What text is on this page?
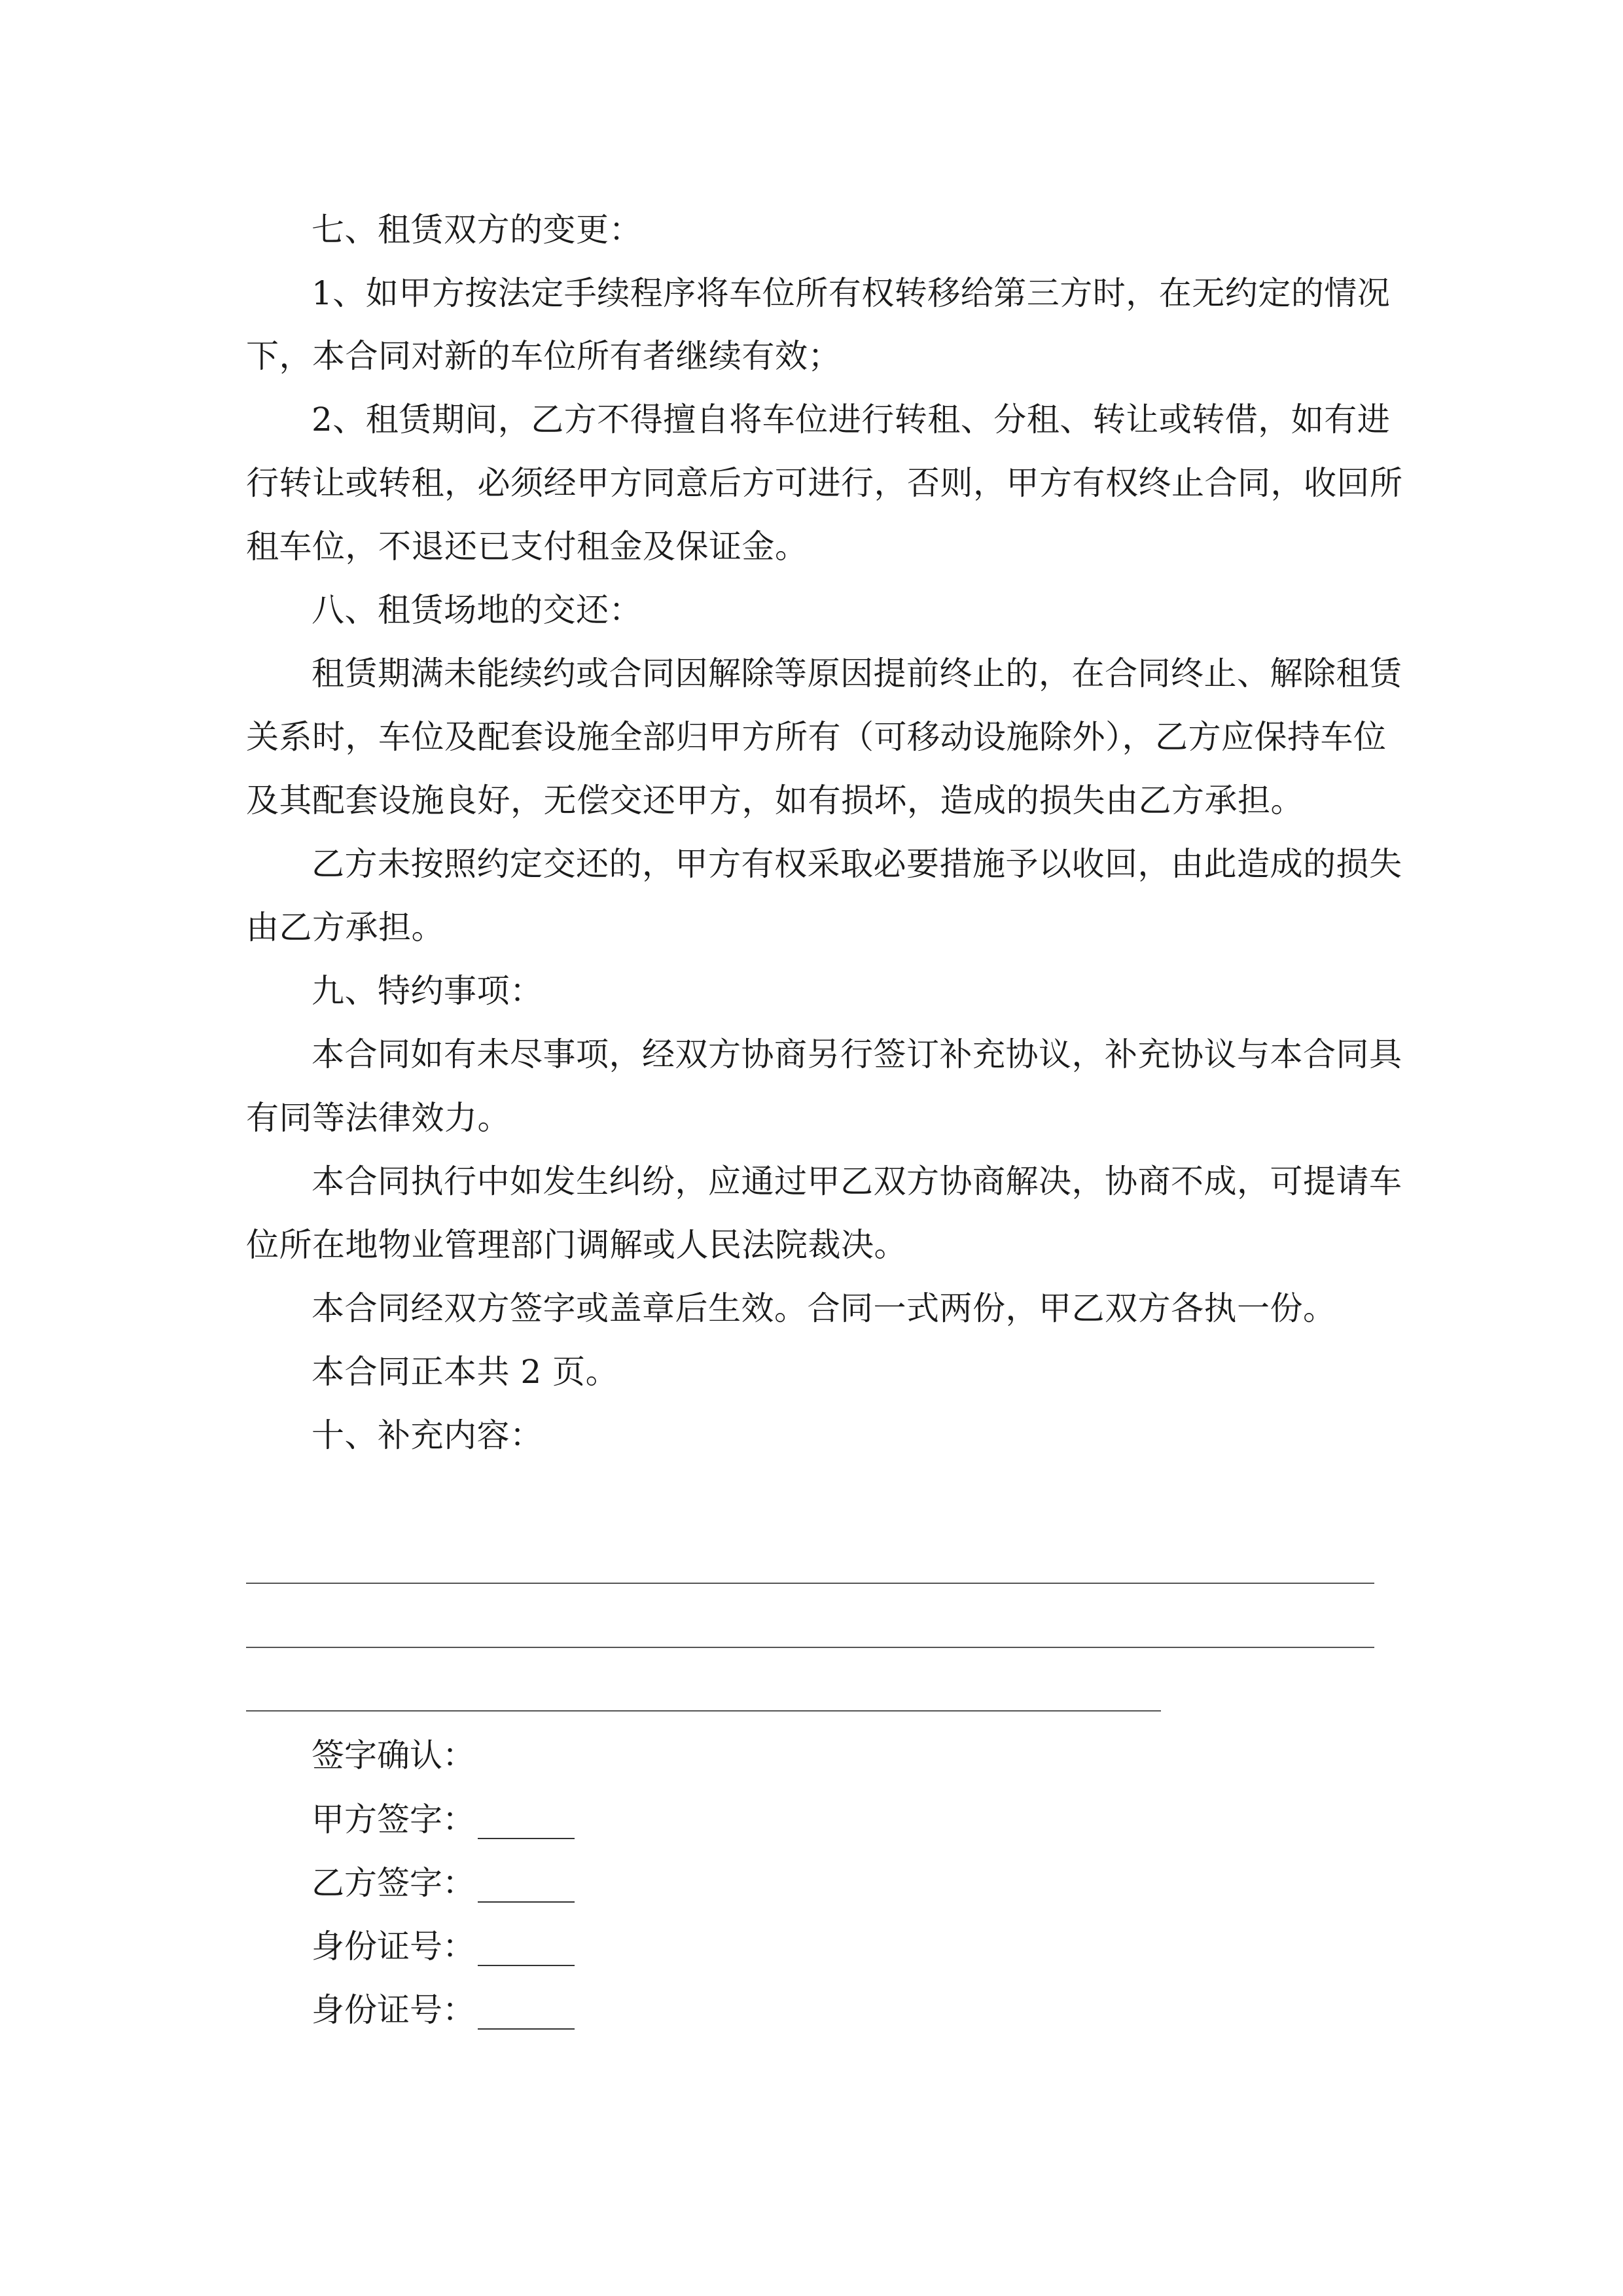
七、租赁双方的变更：
1、如甲方按法定手续程序将车位所有权转移给第三方时，在无约定的情况
下，本合同对新的车位所有者继续有效；
2、租赁期间，乙方不得擅自将车位进行转租、分租、转让或转借，如有进
行转让或转租，必须经甲方同意后方可进行，否则，甲方有权终止合同，收回所
租车位，不退还已支付租金及保证金。
八、租赁场地的交还：
租赁期满未能续约或合同因解除等原因提前终止的，在合同终止、解除租赁
关系时，车位及配套设施全部归甲方所有（可移动设施除外），乙方应保持车位
及其配套设施良好，无偿交还甲方，如有损坏，造成的损失由乙方承担。
乙方未按照约定交还的，甲方有权采取必要措施予以收回，由此造成的损失
由乙方承担。
九、特约事项：
本合同如有未尽事项，经双方协商另行签订补充协议，补充协议与本合同具
有同等法律效力。
本合同执行中如发生纠纷，应通过甲乙双方协商解决，协商不成，可提请车
位所在地物业管理部门调解或人民法院裁决。
本合同经双方签字或盖章后生效。合同一式两份，甲乙双方各执一份。
本合同正本共 2 页。
十、补充内容：
签字确认：
甲方签字：
乙方签字：
身份证号：
身份证号：
